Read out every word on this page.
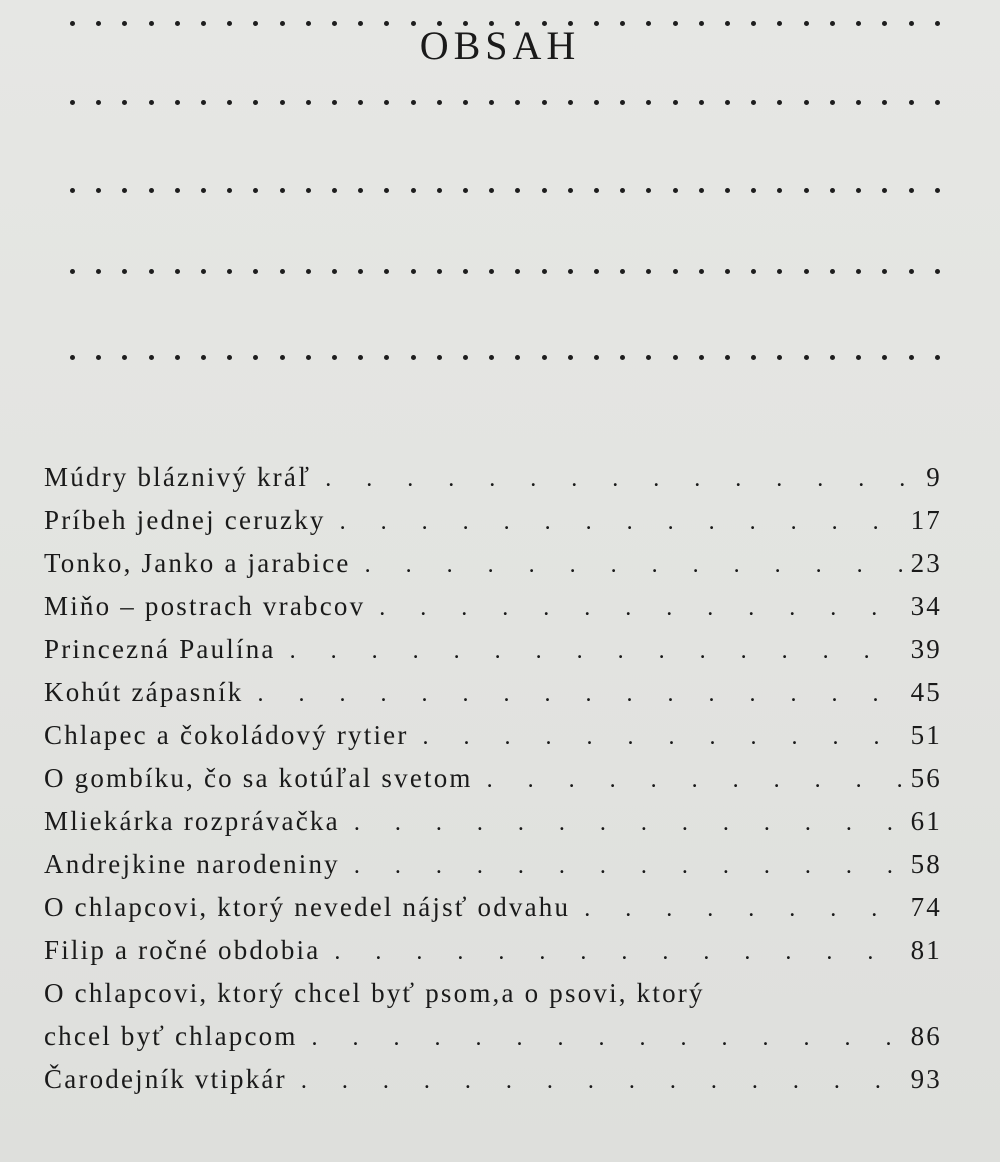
OBSAH
Múdry bláznivý kráľ . . .	9
Príbeh jednej ceruzky . . .	17
Tonko, Janko a jarabice . . .	23
Miňo – postrach vrabcov . . .	34
Princezná Paulína . . .	39
Kohút zápasník . . .	45
Chlapec a čokoládový rytier . . .	51
O gombíku, čo sa kotúľal svetom . . .	56
Mliekárka rozprávačka . . .	61
Andrejkine narodeniny . . .	58
O chlapcovi, ktorý nevedel nájsť odvahu . . .	74
Filip a ročné obdobia . . .	81
O chlapcovi, ktorý chcel byť psom,a o psovi, ktorý
chcel byť chlapcom . . .	86
Čarodejník vtipkár . . .	93
